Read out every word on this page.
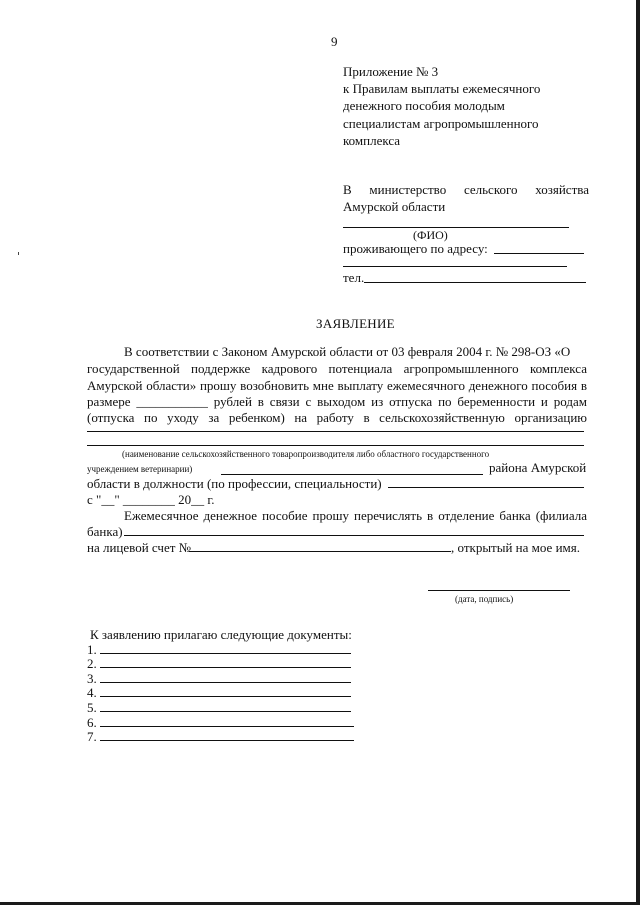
9
Приложение № 3
к Правилам выплаты ежемесячного
денежного пособия молодым
специалистам агропромышленного
комплекса
В министерство сельского хозяйства
Амурской области
(ФИО)
проживающего по адресу:
тел.
ЗАЯВЛЕНИЕ
В соответствии с Законом Амурской области от 03 февраля 2004 г. № 298-ОЗ «О
государственной поддержке кадрового потенциала агропромышленного комплекса
Амурской области» прошу возобновить мне выплату ежемесячного денежного пособия в
размере ___________ рублей в связи с выходом из отпуска по беременности и родам
(отпуска по уходу за ребенком) на работу в сельскохозяйственную организацию
(наименование сельскохозяйственного товаропроизводителя либо областного государственного
учреждением ветеринарии)	района Амурской
области в должности (по профессии, специальности)
с "__" ________ 20__ г.
Ежемесячное денежное пособие прошу перечислять в отделение банка (филиала
банка)
на лицевой счет №	, открытый на мое имя.
(дата, подпись)
К заявлению прилагаю следующие документы:
1.
2.
3.
4.
5.
6.
7.
